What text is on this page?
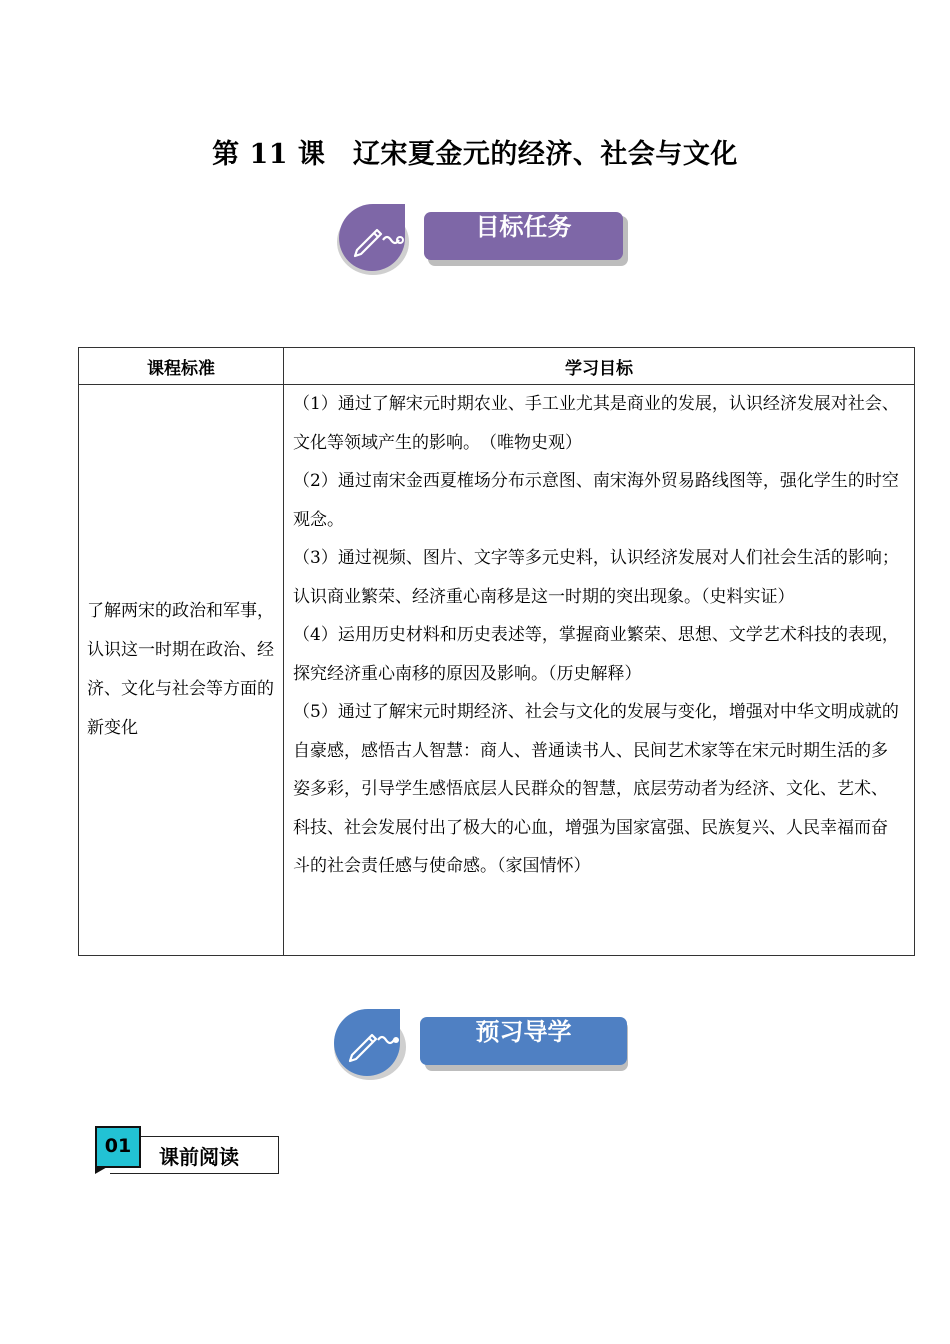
第 11 课　辽宋夏金元的经济、社会与文化
目标任务
课程标准	学习目标
了解两宋的政治和军事，认识这一时期在政治、经济、文化与社会等方面的新变化	（1）通过了解宋元时期农业、手工业尤其是商业的发展，认识经济发展对社会、文化等领域产生的影响。　（唯物史观）

（2）通过南宋金西夏榷场分布示意图、南宋海外贸易路线图等，强化学生的时空观念。

（3）通过视频、图片、文字等多元史料，认识经济发展对人们社会生活的影响；认识商业繁荣、经济重心南移是这一时期的突出现象。（史料实证）

（4）运用历史材料和历史表述等，掌握商业繁荣、思想、文学艺术科技的表现，探究经济重心南移的原因及影响。（历史解释）

（5）通过了解宋元时期经济、社会与文化的发展与变化，增强对中华文明成就的自豪感，感悟古人智慧：商人、普通读书人、民间艺术家等在宋元时期生活的多姿多彩，引导学生感悟底层人民群众的智慧，底层劳动者为经济、文化、艺术、科技、社会发展付出了极大的心血，增强为国家富强、民族复兴、人民幸福而奋斗的社会责任感与使命感。（家国情怀）

预习导学
课前阅读
01
